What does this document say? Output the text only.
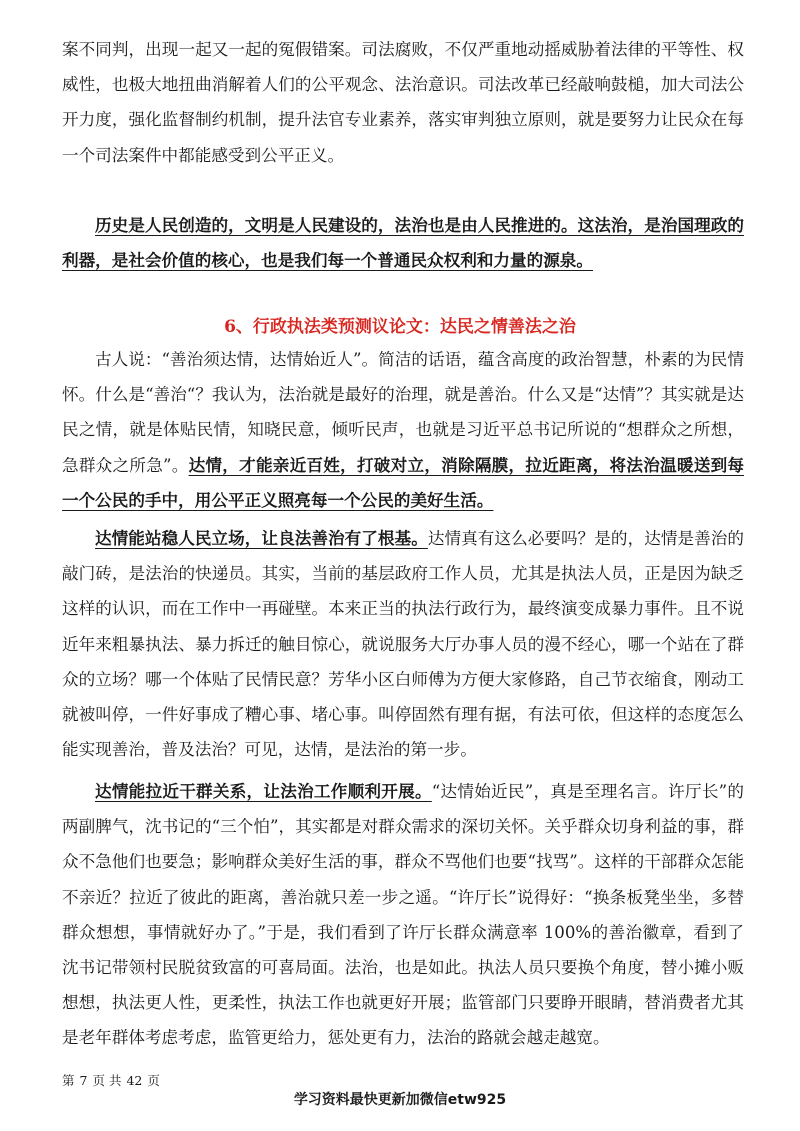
案不同判，出现一起又一起的冤假错案。司法腐败，不仅严重地动摇威胁着法律的平等性、权威性，也极大地扭曲消解着人们的公平观念、法治意识。司法改革已经敲响鼓槌，加大司法公开力度，强化监督制约机制，提升法官专业素养，落实审判独立原则，就是要努力让民众在每一个司法案件中都能感受到公平正义。

历史是人民创造的，文明是人民建设的，法治也是由人民推进的。这法治，是治国理政的利器，是社会价值的核心，也是我们每一个普通民众权利和力量的源泉。

6、行政执法类预测议论文：达民之情善法之治

古人说：“善治须达情，达情始近人”。简洁的话语，蕴含高度的政治智慧，朴素的为民情怀。什么是“善治“？我认为，法治就是最好的治理，就是善治。什么又是“达情”？其实就是达民之情，就是体贴民情，知晓民意，倾听民声，也就是习近平总书记所说的“想群众之所想，急群众之所急”。达情，才能亲近百姓，打破对立，消除隔膜，拉近距离，将法治温暖送到每一个公民的手中，用公平正义照亮每一个公民的美好生活。

达情能站稳人民立场，让良法善治有了根基。达情真有这么必要吗？是的，达情是善治的敲门砖，是法治的快递员。其实，当前的基层政府工作人员，尤其是执法人员，正是因为缺乏这样的认识，而在工作中一再碰壁。本来正当的执法行政行为，最终演变成暴力事件。且不说近年来粗暴执法、暴力拆迁的触目惊心，就说服务大厅办事人员的漫不经心，哪一个站在了群众的立场？哪一个体贴了民情民意？芳华小区白师傅为方便大家修路，自己节衣缩食，刚动工就被叫停，一件好事成了糟心事、堵心事。叫停固然有理有据，有法可依，但这样的态度怎么能实现善治，普及法治？可见，达情，是法治的第一步。

达情能拉近干群关系，让法治工作顺利开展。“达情始近民”，真是至理名言。许厅长”的两副脾气，沈书记的“三个怕”，其实都是对群众需求的深切关怀。关乎群众切身利益的事，群众不急他们也要急；影响群众美好生活的事，群众不骂他们也要“找骂”。这样的干部群众怎能不亲近？拉近了彼此的距离，善治就只差一步之遥。“许厅长”说得好：“换条板凳坐坐，多替群众想想，事情就好办了。”于是，我们看到了许厅长群众满意率 100%的善治徽章，看到了沈书记带领村民脱贫致富的可喜局面。法治，也是如此。执法人员只要换个角度，替小摊小贩想想，执法更人性，更柔性，执法工作也就更好开展；监管部门只要睁开眼睛，替消费者尤其是老年群体考虑考虑，监管更给力，惩处更有力，法治的路就会越走越宽。

第 7 页 共 42 页
学习资料最快更新加微信etw925
